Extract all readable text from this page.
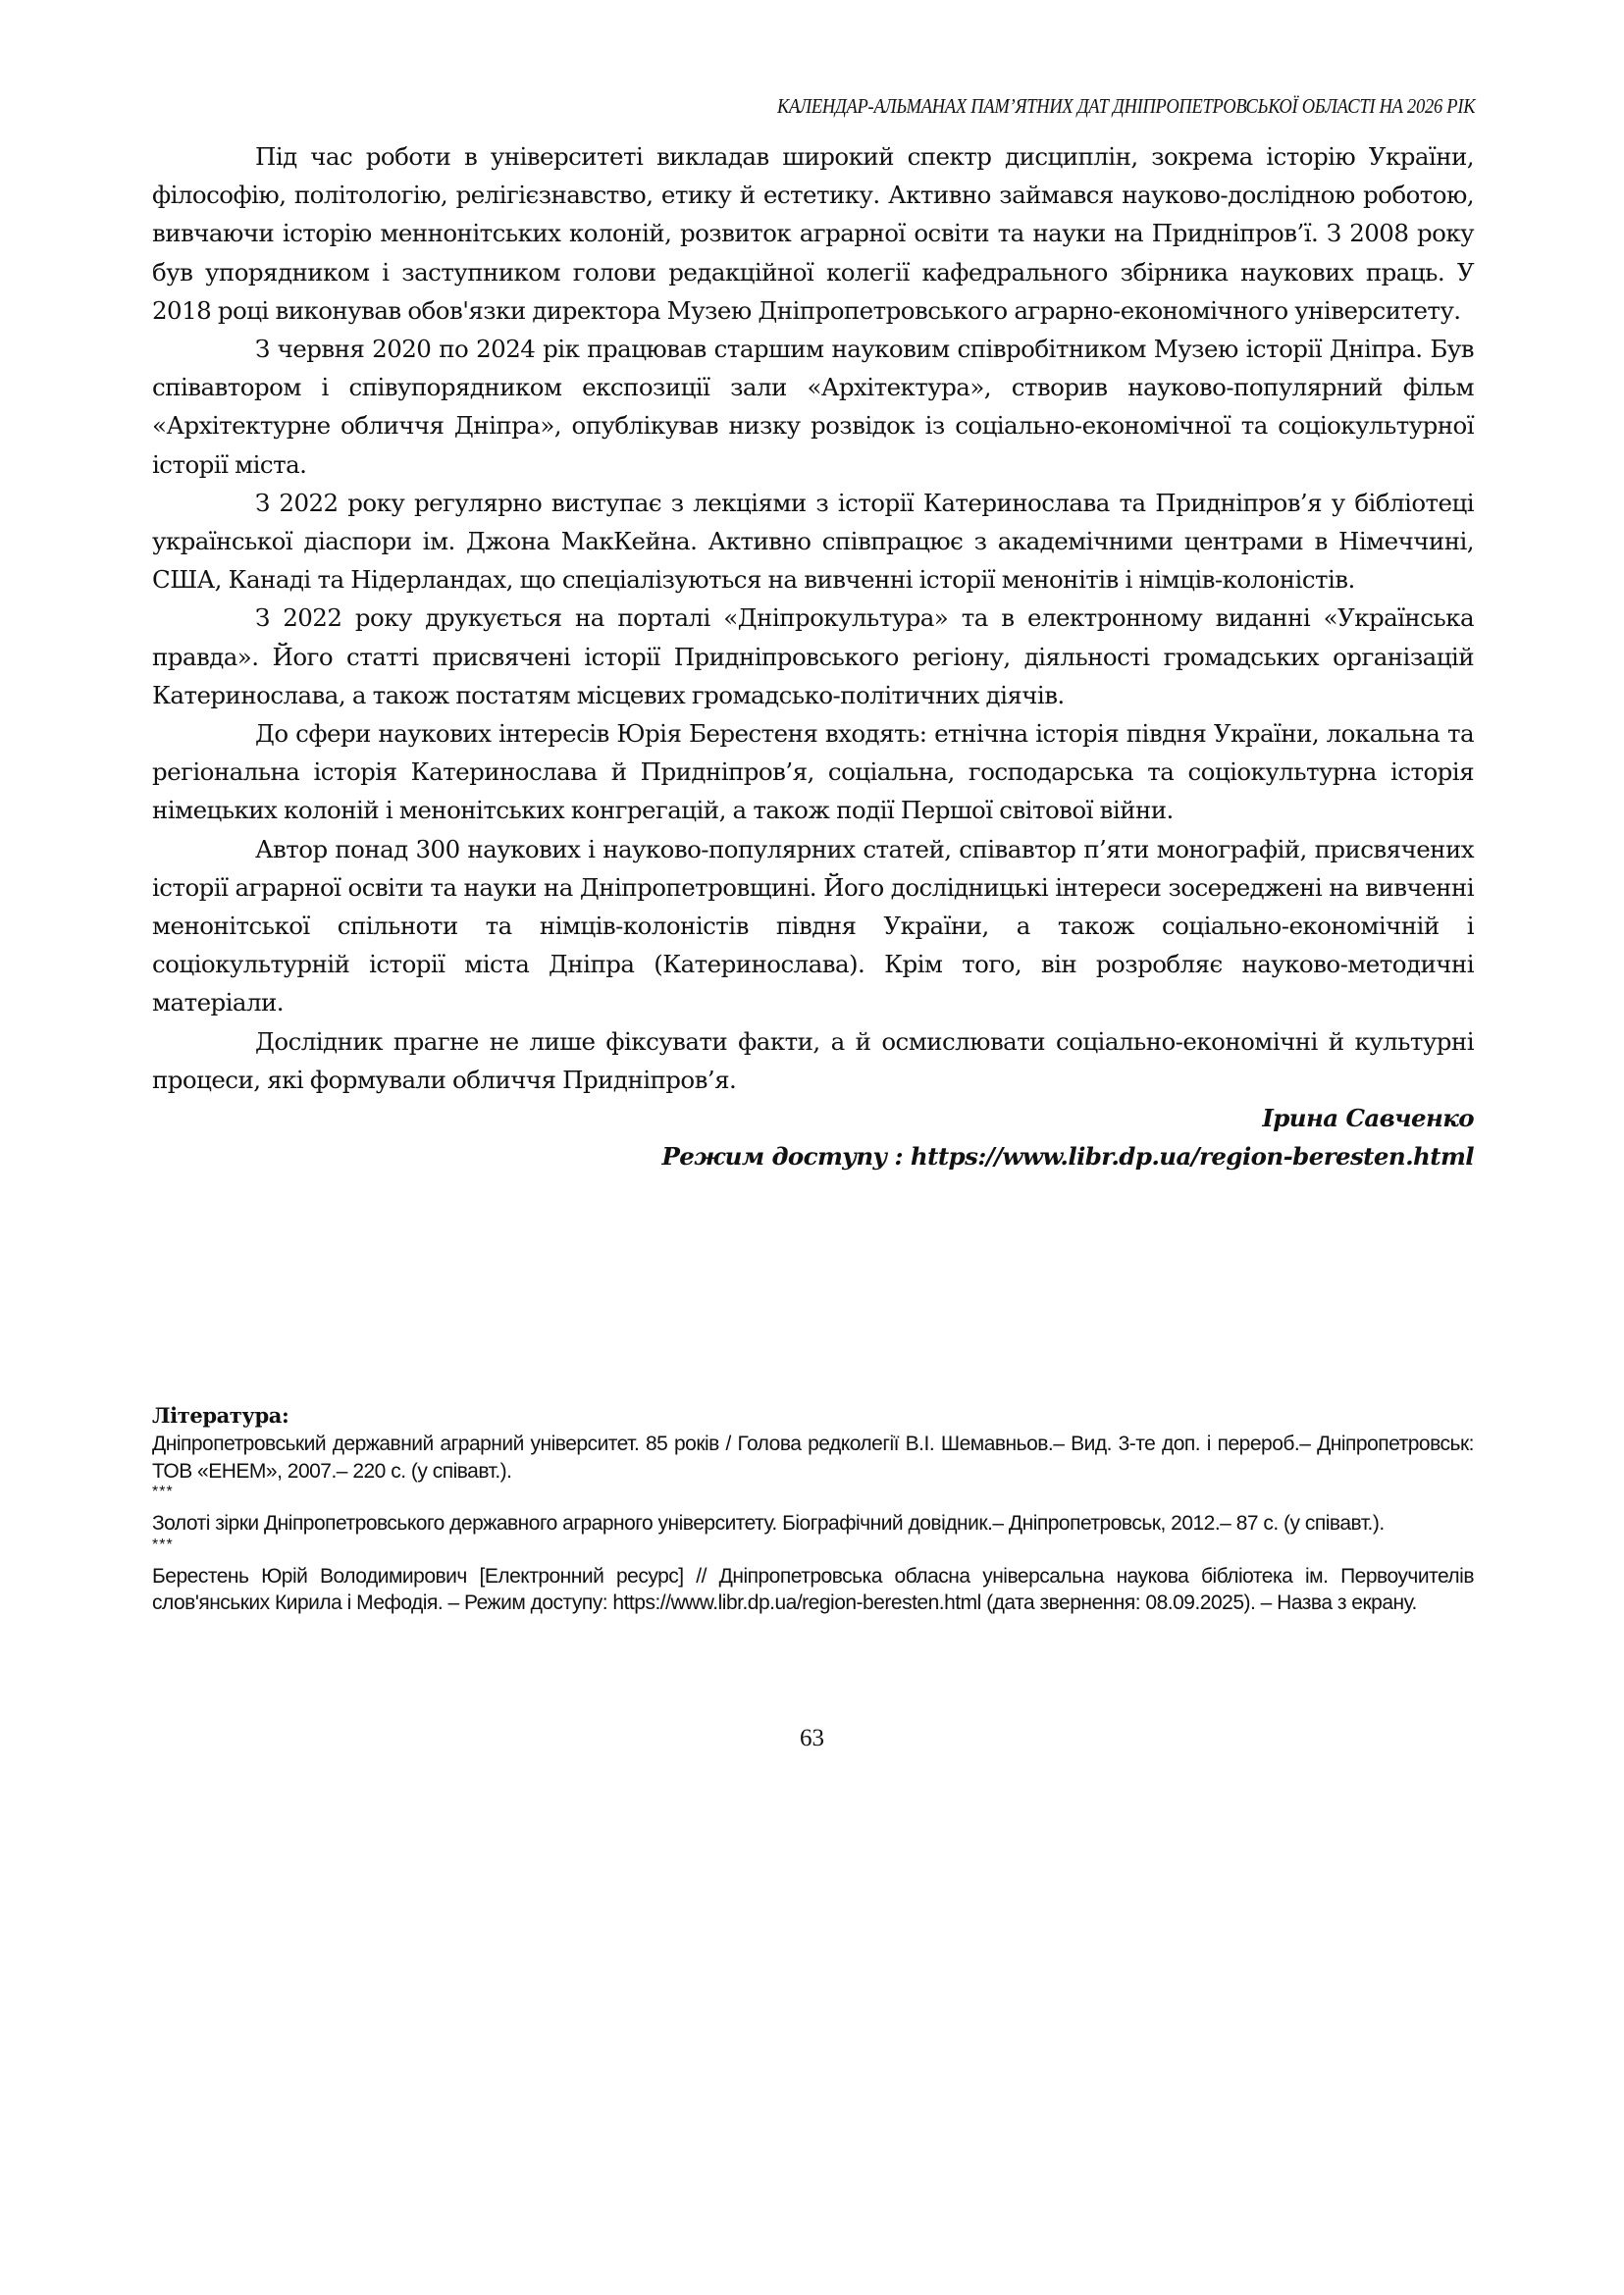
КАЛЕНДАР-АЛЬМАНАХ ПАМ’ЯТНИХ ДАТ ДНІПРОПЕТРОВСЬКОЇ ОБЛАСТІ НА 2026 РІК

Під час роботи в університеті викладав широкий спектр дисциплін, зокрема історію України, філософію, політологію, релігієзнавство, етику й естетику. Активно займався науково-дослідною роботою, вивчаючи історію меннонітських колоній, розвиток аграрної освіти та науки на Придніпров’ї. З 2008 року був упорядником і заступником голови редакційної колегії кафедрального збірника наукових праць. У 2018 році виконував обов'язки директора Музею Дніпропетровського аграрно-економічного університету.

З червня 2020 по 2024 рік працював старшим науковим співробітником Музею історії Дніпра. Був співавтором і співупорядником експозиції зали «Архітектура», створив науково-популярний фільм «Архітектурне обличчя Дніпра», опублікував низку розвідок із соціально-економічної та соціокультурної історії міста.

З 2022 року регулярно виступає з лекціями з історії Катеринослава та Придніпров’я у бібліотеці української діаспори ім. Джона МакКейна. Активно співпрацює з академічними центрами в Німеччині, США, Канаді та Нідерландах, що спеціалізуються на вивченні історії менонітів і німців-колоністів.

З 2022 року друкується на порталі «Дніпрокультура» та в електронному виданні «Українська правда». Його статті присвячені історії Придніпровського регіону, діяльності громадських організацій Катеринослава, а також постатям місцевих громадсько-політичних діячів.

До сфери наукових інтересів Юрія Берестеня входять: етнічна історія півдня України, локальна та регіональна історія Катеринослава й Придніпров’я, соціальна, господарська та соціокультурна історія німецьких колоній і менонітських конгрегацій, а також події Першої світової війни.

Автор понад 300 наукових і науково-популярних статей, співавтор п’яти монографій, присвячених історії аграрної освіти та науки на Дніпропетровщині. Його дослідницькі інтереси зосереджені на вивченні менонітської спільноти та німців-колоністів півдня України, а також соціально-економічній і соціокультурній історії міста Дніпра (Катеринослава). Крім того, він розробляє науково-методичні матеріали.

Дослідник прагне не лише фіксувати факти, а й осмислювати соціально-економічні й культурні процеси, які формували обличчя Придніпров’я.

Ірина Савченко
Режим доступу : https://www.libr.dp.ua/region-beresten.html
Література:

Дніпропетровський державний аграрний університет. 85 років / Голова редколегії В.І. Шемавньов.– Вид. 3-те доп. і перероб.– Дніпропетровськ: ТОВ «ЕНЕМ», 2007.– 220 с. (у співавт.).

***

Золоті зірки Дніпропетровського державного аграрного університету. Біографічний довідник.– Дніпропетровськ, 2012.– 87 с. (у співавт.).

***

Берестень Юрій Володимирович [Електронний ресурс] // Дніпропетровська обласна універсальна наукова бібліотека ім. Первоучителів слов'янських Кирила і Мефодія. – Режим доступу: https://www.libr.dp.ua/region-beresten.html (дата звернення: 08.09.2025). – Назва з екрану.

63
